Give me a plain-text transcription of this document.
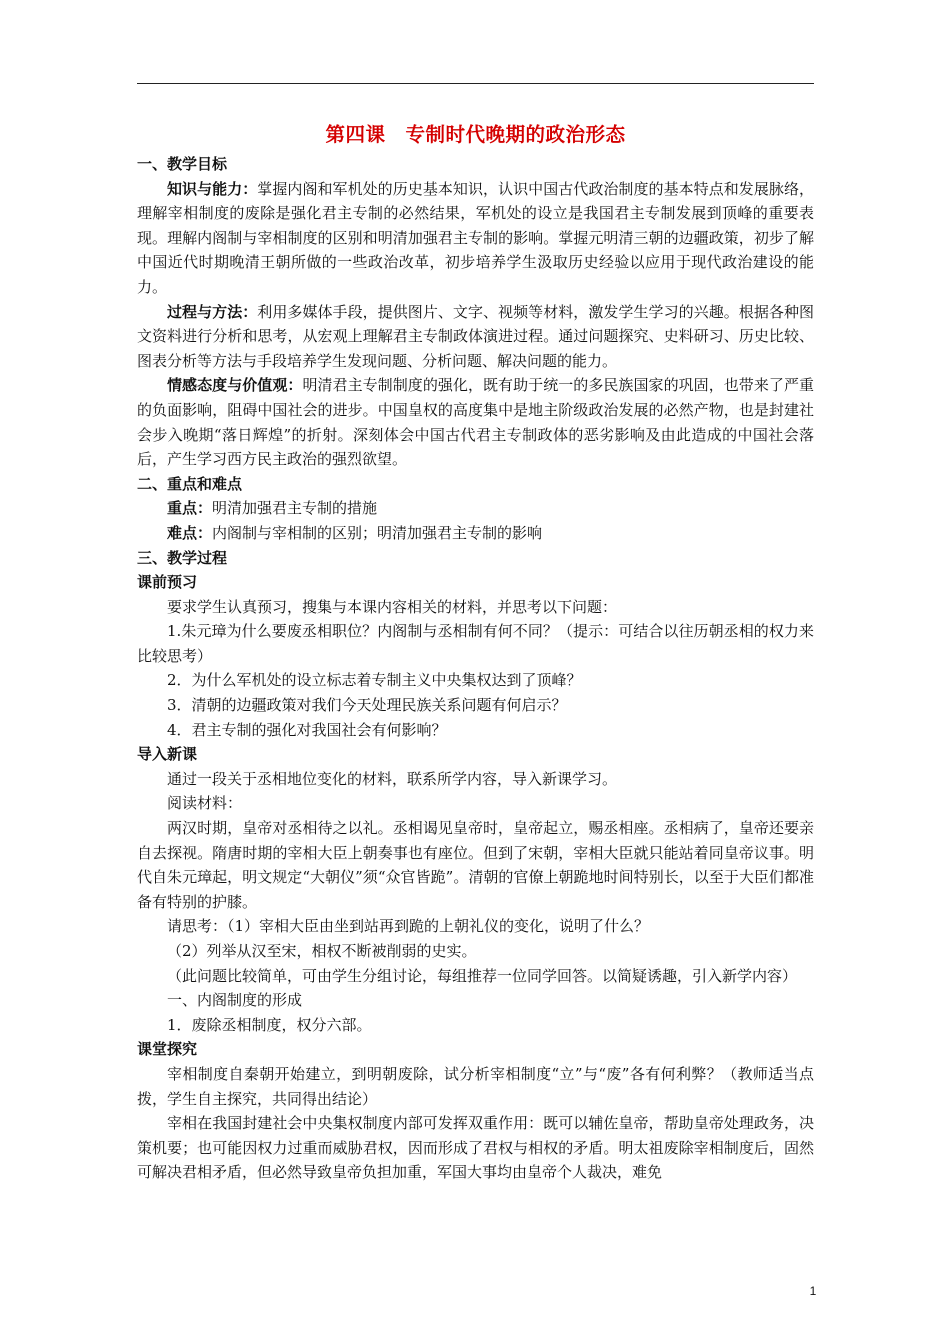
第四课　专制时代晚期的政治形态
一、教学目标

知识与能力：掌握内阁和军机处的历史基本知识，认识中国古代政治制度的基本特点和发展脉络，理解宰相制度的废除是强化君主专制的必然结果，军机处的设立是我国君主专制发展到顶峰的重要表现。理解内阁制与宰相制度的区别和明清加强君主专制的影响。掌握元明清三朝的边疆政策，初步了解中国近代时期晚清王朝所做的一些政治改革，初步培养学生汲取历史经验以应用于现代政治建设的能力。

过程与方法：利用多媒体手段，提供图片、文字、视频等材料，激发学生学习的兴趣。根据各种图文资料进行分析和思考，从宏观上理解君主专制政体演进过程。通过问题探究、史料研习、历史比较、图表分析等方法与手段培养学生发现问题、分析问题、解决问题的能力。

情感态度与价值观：明清君主专制制度的强化，既有助于统一的多民族国家的巩固，也带来了严重的负面影响，阻碍中国社会的进步。中国皇权的高度集中是地主阶级政治发展的必然产物，也是封建社会步入晚期“落日辉煌”的折射。深刻体会中国古代君主专制政体的恶劣影响及由此造成的中国社会落后，产生学习西方民主政治的强烈欲望。

二、重点和难点

重点：明清加强君主专制的措施

难点：内阁制与宰相制的区别；明清加强君主专制的影响

三、教学过程
课前预习

要求学生认真预习，搜集与本课内容相关的材料，并思考以下问题：

1.朱元璋为什么要废丞相职位？内阁制与丞相制有何不同？（提示：可结合以往历朝丞相的权力来比较思考）

2．为什么军机处的设立标志着专制主义中央集权达到了顶峰？

3．清朝的边疆政策对我们今天处理民族关系问题有何启示？

4．君主专制的强化对我国社会有何影响？

导入新课

通过一段关于丞相地位变化的材料，联系所学内容，导入新课学习。

阅读材料：

两汉时期，皇帝对丞相待之以礼。丞相谒见皇帝时，皇帝起立，赐丞相座。丞相病了，皇帝还要亲自去探视。隋唐时期的宰相大臣上朝奏事也有座位。但到了宋朝，宰相大臣就只能站着同皇帝议事。明代自朱元璋起，明文规定“大朝仪”须“众官皆跪”。清朝的官僚上朝跪地时间特别长，以至于大臣们都准备有特别的护膝。

请思考：（1）宰相大臣由坐到站再到跪的上朝礼仪的变化，说明了什么？

（2）列举从汉至宋，相权不断被削弱的史实。

（此问题比较简单，可由学生分组讨论，每组推荐一位同学回答。以简疑诱趣，引入新学内容）

一、内阁制度的形成

1．废除丞相制度，权分六部。

课堂探究

宰相制度自秦朝开始建立，到明朝废除，试分析宰相制度“立”与“废”各有何利弊？（教师适当点拨，学生自主探究，共同得出结论）

宰相在我国封建社会中央集权制度内部可发挥双重作用：既可以辅佐皇帝，帮助皇帝处理政务，决策机要；也可能因权力过重而威胁君权，因而形成了君权与相权的矛盾。明太祖废除宰相制度后，固然可解决君相矛盾，但必然导致皇帝负担加重，军国大事均由皇帝个人裁决，难免

1
